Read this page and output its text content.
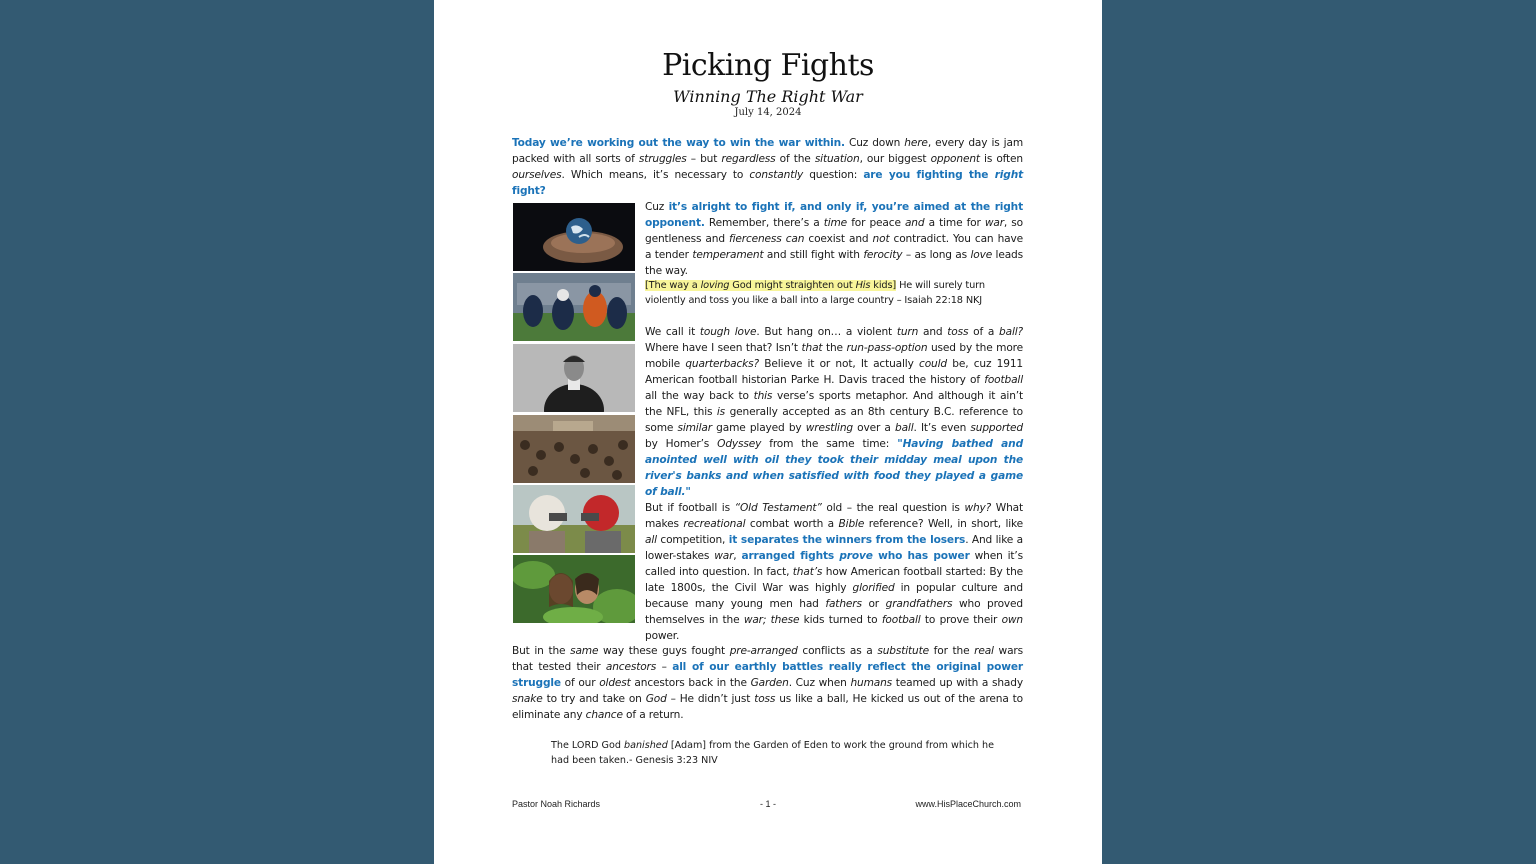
Picking Fights
Winning The Right War
July 14, 2024
Today we’re working out the way to win the war within. Cuz down here, every day is jam packed with all sorts of struggles – but regardless of the situation, our biggest opponent is often ourselves. Which means, it’s necessary to constantly question: are you fighting the right fight?
Cuz it’s alright to fight if, and only if, you’re aimed at the right opponent. Remember, there’s a time for peace and a time for war, so gentleness and fierceness can coexist and not contradict. You can have a tender temperament and still fight with ferocity – as long as love leads the way.
[The way a loving God might straighten out His kids] He will surely turn violently and toss you like a ball into a large country – Isaiah 22:18 NKJ
We call it tough love. But hang on… a violent turn and toss of a ball? Where have I seen that? Isn’t that the run-pass-option used by the more mobile quarterbacks? Believe it or not, It actually could be, cuz 1911 American football historian Parke H. Davis traced the history of football all the way back to this verse’s sports metaphor. And although it ain’t the NFL, this is generally accepted as an 8th century B.C. reference to some similar game played by wrestling over a ball. It’s even supported by Homer’s Odyssey from the same time: "Having bathed and anointed well with oil they took their midday meal upon the river's banks and when satisfied with food they played a game of ball."
But if football is “Old Testament” old – the real question is why? What makes recreational combat worth a Bible reference? Well, in short, like all competition, it separates the winners from the losers. And like a lower-stakes war, arranged fights prove who has power when it’s called into question. In fact, that’s how American football started: By the late 1800s, the Civil War was highly glorified in popular culture and because many young men had fathers or grandfathers who proved themselves in the war; these kids turned to football to prove their own power.
But in the same way these guys fought pre-arranged conflicts as a substitute for the real wars that tested their ancestors – all of our earthly battles really reflect the original power struggle of our oldest ancestors back in the Garden. Cuz when humans teamed up with a shady snake to try and take on God – He didn’t just toss us like a ball, He kicked us out of the arena to eliminate any chance of a return.
The LORD God banished [Adam] from the Garden of Eden to work the ground from which he had been taken.- Genesis 3:23 NIV
Pastor Noah Richards	- 1 -	www.HisPlaceChurch.com
